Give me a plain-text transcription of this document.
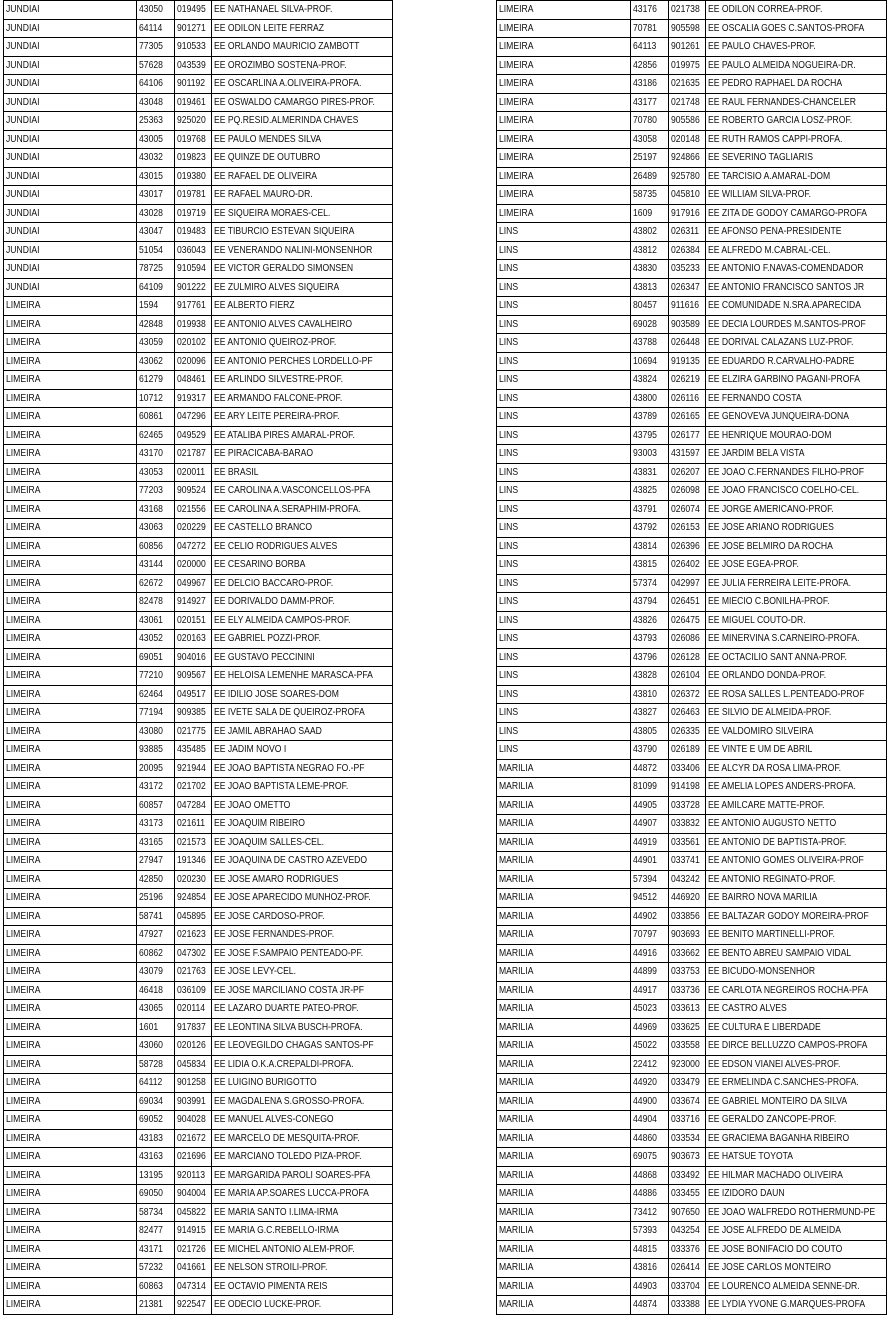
JUNDIAI	43050	019495	EE NATHANAEL SILVA-PROF.
JUNDIAI	64114	901271	EE ODILON LEITE FERRAZ
JUNDIAI	77305	910533	EE ORLANDO MAURICIO ZAMBOTT
JUNDIAI	57628	043539	EE OROZIMBO SOSTENA-PROF.
JUNDIAI	64106	901192	EE OSCARLINA A.OLIVEIRA-PROFA.
JUNDIAI	43048	019461	EE OSWALDO CAMARGO PIRES-PROF.
JUNDIAI	25363	925020	EE PQ.RESID.ALMERINDA CHAVES
JUNDIAI	43005	019768	EE PAULO MENDES SILVA
JUNDIAI	43032	019823	EE QUINZE DE OUTUBRO
JUNDIAI	43015	019380	EE RAFAEL DE OLIVEIRA
JUNDIAI	43017	019781	EE RAFAEL MAURO-DR.
JUNDIAI	43028	019719	EE SIQUEIRA MORAES-CEL.
JUNDIAI	43047	019483	EE TIBURCIO ESTEVAN SIQUEIRA
JUNDIAI	51054	036043	EE VENERANDO NALINI-MONSENHOR
JUNDIAI	78725	910594	EE VICTOR GERALDO SIMONSEN
JUNDIAI	64109	901222	EE ZULMIRO ALVES SIQUEIRA
LIMEIRA	1594	917761	EE ALBERTO FIERZ
LIMEIRA	42848	019938	EE ANTONIO ALVES CAVALHEIRO
LIMEIRA	43059	020102	EE ANTONIO QUEIROZ-PROF.
LIMEIRA	43062	020096	EE ANTONIO PERCHES LORDELLO-PF
LIMEIRA	61279	048461	EE ARLINDO SILVESTRE-PROF.
LIMEIRA	10712	919317	EE ARMANDO FALCONE-PROF.
LIMEIRA	60861	047296	EE ARY LEITE PEREIRA-PROF.
LIMEIRA	62465	049529	EE ATALIBA PIRES AMARAL-PROF.
LIMEIRA	43170	021787	EE PIRACICABA-BARAO
LIMEIRA	43053	020011	EE BRASIL
LIMEIRA	77203	909524	EE CAROLINA A.VASCONCELLOS-PFA
LIMEIRA	43168	021556	EE CAROLINA A.SERAPHIM-PROFA.
LIMEIRA	43063	020229	EE CASTELLO BRANCO
LIMEIRA	60856	047272	EE CELIO RODRIGUES ALVES
LIMEIRA	43144	020000	EE CESARINO BORBA
LIMEIRA	62672	049967	EE DELCIO BACCARO-PROF.
LIMEIRA	82478	914927	EE DORIVALDO DAMM-PROF.
LIMEIRA	43061	020151	EE ELY ALMEIDA CAMPOS-PROF.
LIMEIRA	43052	020163	EE GABRIEL POZZI-PROF.
LIMEIRA	69051	904016	EE GUSTAVO PECCININI
LIMEIRA	77210	909567	EE HELOISA LEMENHE MARASCA-PFA
LIMEIRA	62464	049517	EE IDILIO JOSE SOARES-DOM
LIMEIRA	77194	909385	EE IVETE SALA DE QUEIROZ-PROFA
LIMEIRA	43080	021775	EE JAMIL ABRAHAO SAAD
LIMEIRA	93885	435485	EE JADIM NOVO I
LIMEIRA	20095	921944	EE JOAO BAPTISTA NEGRAO FO.-PF
LIMEIRA	43172	021702	EE JOAO BAPTISTA LEME-PROF.
LIMEIRA	60857	047284	EE JOAO OMETTO
LIMEIRA	43173	021611	EE JOAQUIM RIBEIRO
LIMEIRA	43165	021573	EE JOAQUIM SALLES-CEL.
LIMEIRA	27947	191346	EE JOAQUINA DE CASTRO AZEVEDO
LIMEIRA	42850	020230	EE JOSE AMARO RODRIGUES
LIMEIRA	25196	924854	EE JOSE APARECIDO MUNHOZ-PROF.
LIMEIRA	58741	045895	EE JOSE CARDOSO-PROF.
LIMEIRA	47927	021623	EE JOSE FERNANDES-PROF.
LIMEIRA	60862	047302	EE JOSE F.SAMPAIO PENTEADO-PF.
LIMEIRA	43079	021763	EE JOSE LEVY-CEL.
LIMEIRA	46418	036109	EE JOSE MARCILIANO COSTA JR-PF
LIMEIRA	43065	020114	EE LAZARO DUARTE PATEO-PROF.
LIMEIRA	1601	917837	EE LEONTINA SILVA BUSCH-PROFA.
LIMEIRA	43060	020126	EE LEOVEGILDO CHAGAS SANTOS-PF
LIMEIRA	58728	045834	EE LIDIA O.K.A.CREPALDI-PROFA.
LIMEIRA	64112	901258	EE LUIGINO BURIGOTTO
LIMEIRA	69034	903991	EE MAGDALENA S.GROSSO-PROFA.
LIMEIRA	69052	904028	EE MANUEL ALVES-CONEGO
LIMEIRA	43183	021672	EE MARCELO DE MESQUITA-PROF.
LIMEIRA	43163	021696	EE MARCIANO TOLEDO PIZA-PROF.
LIMEIRA	13195	920113	EE MARGARIDA PAROLI SOARES-PFA
LIMEIRA	69050	904004	EE MARIA AP.SOARES LUCCA-PROFA
LIMEIRA	58734	045822	EE MARIA SANTO I.LIMA-IRMA
LIMEIRA	82477	914915	EE MARIA G.C.REBELLO-IRMA
LIMEIRA	43171	021726	EE MICHEL ANTONIO ALEM-PROF.
LIMEIRA	57232	041661	EE NELSON STROILI-PROF.
LIMEIRA	60863	047314	EE OCTAVIO PIMENTA REIS
LIMEIRA	21381	922547	EE ODECIO LUCKE-PROF.
LIMEIRA	43176	021738	EE ODILON CORREA-PROF.
LIMEIRA	70781	905598	EE OSCALIA GOES C.SANTOS-PROFA
LIMEIRA	64113	901261	EE PAULO CHAVES-PROF.
LIMEIRA	42856	019975	EE PAULO ALMEIDA NOGUEIRA-DR.
LIMEIRA	43186	021635	EE PEDRO RAPHAEL DA ROCHA
LIMEIRA	43177	021748	EE RAUL FERNANDES-CHANCELER
LIMEIRA	70780	905586	EE ROBERTO GARCIA LOSZ-PROF.
LIMEIRA	43058	020148	EE RUTH RAMOS CAPPI-PROFA.
LIMEIRA	25197	924866	EE SEVERINO TAGLIARIS
LIMEIRA	26489	925780	EE TARCISIO A.AMARAL-DOM
LIMEIRA	58735	045810	EE WILLIAM SILVA-PROF.
LIMEIRA	1609	917916	EE ZITA DE GODOY CAMARGO-PROFA
LINS	43802	026311	EE AFONSO PENA-PRESIDENTE
LINS	43812	026384	EE ALFREDO M.CABRAL-CEL.
LINS	43830	035233	EE ANTONIO F.NAVAS-COMENDADOR
LINS	43813	026347	EE ANTONIO FRANCISCO SANTOS JR
LINS	80457	911616	EE COMUNIDADE N.SRA.APARECIDA
LINS	69028	903589	EE DECIA LOURDES M.SANTOS-PROF
LINS	43788	026448	EE DORIVAL CALAZANS LUZ-PROF.
LINS	10694	919135	EE EDUARDO R.CARVALHO-PADRE
LINS	43824	026219	EE ELZIRA GARBINO PAGANI-PROFA
LINS	43800	026116	EE FERNANDO COSTA
LINS	43789	026165	EE GENOVEVA JUNQUEIRA-DONA
LINS	43795	026177	EE HENRIQUE MOURAO-DOM
LINS	93003	431597	EE JARDIM BELA VISTA
LINS	43831	026207	EE JOAO C.FERNANDES FILHO-PROF
LINS	43825	026098	EE JOAO FRANCISCO COELHO-CEL.
LINS	43791	026074	EE JORGE AMERICANO-PROF.
LINS	43792	026153	EE JOSE ARIANO RODRIGUES
LINS	43814	026396	EE JOSE BELMIRO DA ROCHA
LINS	43815	026402	EE JOSE EGEA-PROF.
LINS	57374	042997	EE JULIA FERREIRA LEITE-PROFA.
LINS	43794	026451	EE MIECIO C.BONILHA-PROF.
LINS	43826	026475	EE MIGUEL COUTO-DR.
LINS	43793	026086	EE MINERVINA S.CARNEIRO-PROFA.
LINS	43796	026128	EE OCTACILIO SANT ANNA-PROF.
LINS	43828	026104	EE ORLANDO DONDA-PROF.
LINS	43810	026372	EE ROSA SALLES L.PENTEADO-PROF
LINS	43827	026463	EE SILVIO DE ALMEIDA-PROF.
LINS	43805	026335	EE VALDOMIRO SILVEIRA
LINS	43790	026189	EE VINTE E UM DE ABRIL
MARILIA	44872	033406	EE ALCYR DA ROSA LIMA-PROF.
MARILIA	81099	914198	EE AMELIA LOPES ANDERS-PROFA.
MARILIA	44905	033728	EE AMILCARE MATTE-PROF.
MARILIA	44907	033832	EE ANTONIO AUGUSTO NETTO
MARILIA	44919	033561	EE ANTONIO DE BAPTISTA-PROF.
MARILIA	44901	033741	EE ANTONIO GOMES OLIVEIRA-PROF
MARILIA	57394	043242	EE ANTONIO REGINATO-PROF.
MARILIA	94512	446920	EE BAIRRO NOVA MARILIA
MARILIA	44902	033856	EE BALTAZAR GODOY MOREIRA-PROF
MARILIA	70797	903693	EE BENITO MARTINELLI-PROF.
MARILIA	44916	033662	EE BENTO ABREU SAMPAIO VIDAL
MARILIA	44899	033753	EE BICUDO-MONSENHOR
MARILIA	44917	033736	EE CARLOTA NEGREIROS ROCHA-PFA
MARILIA	45023	033613	EE CASTRO ALVES
MARILIA	44969	033625	EE CULTURA E LIBERDADE
MARILIA	45022	033558	EE DIRCE BELLUZZO CAMPOS-PROFA
MARILIA	22412	923000	EE EDSON VIANEI ALVES-PROF.
MARILIA	44920	033479	EE ERMELINDA C.SANCHES-PROFA.
MARILIA	44900	033674	EE GABRIEL MONTEIRO DA SILVA
MARILIA	44904	033716	EE GERALDO ZANCOPE-PROF.
MARILIA	44860	033534	EE GRACIEMA BAGANHA RIBEIRO
MARILIA	69075	903673	EE HATSUE TOYOTA
MARILIA	44868	033492	EE HILMAR MACHADO OLIVEIRA
MARILIA	44886	033455	EE IZIDORO DAUN
MARILIA	73412	907650	EE JOAO WALFREDO ROTHERMUND-PE
MARILIA	57393	043254	EE JOSE ALFREDO DE ALMEIDA
MARILIA	44815	033376	EE JOSE BONIFACIO DO COUTO
MARILIA	43816	026414	EE JOSE CARLOS MONTEIRO
MARILIA	44903	033704	EE LOURENCO ALMEIDA SENNE-DR.
MARILIA	44874	033388	EE LYDIA YVONE G.MARQUES-PROFA
